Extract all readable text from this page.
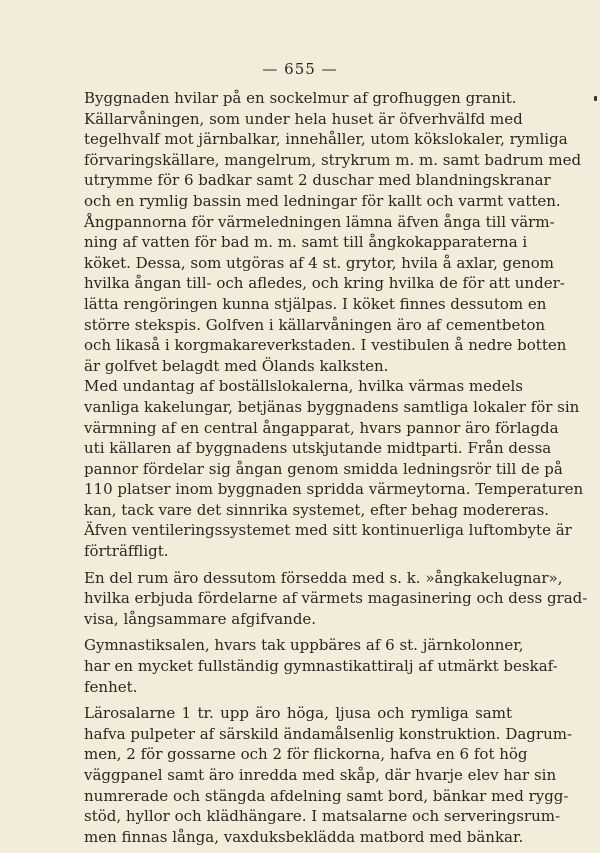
— 655 —
Byggnaden hvilar på en sockelmur af grofhuggen granit.
Källarvåningen, som under hela huset är öfverhvälfd med
tegelhvalf mot järnbalkar, innehåller, utom kökslokaler, rymliga
förvaringskällare, mangelrum, strykrum m. m. samt badrum med
utrymme för 6 badkar samt 2 duschar med blandningskranar
och en rymlig bassin med ledningar för kallt och varmt vatten.
Ångpannorna för värmeledningen lämna äfven ånga till värm-
ning af vatten för bad m. m. samt till ångkokapparaterna i
köket. Dessa, som utgöras af 4 st. grytor, hvila å axlar, genom
hvilka ångan till- och afledes, och kring hvilka de för att under-
lätta rengöringen kunna stjälpas. I köket finnes dessutom en
större stekspis. Golfven i källarvåningen äro af cementbeton
och likaså i korgmakareverkstaden. I vestibulen å nedre botten
är golfvet belagdt med Ölands kalksten.
Med undantag af boställslokalerna, hvilka värmas medels
vanliga kakelungar, betjänas byggnadens samtliga lokaler för sin
värmning af en central ångapparat, hvars pannor äro förlagda
uti källaren af byggnadens utskjutande midtparti. Från dessa
pannor fördelar sig ångan genom smidda ledningsrör till de på
110 platser inom byggnaden spridda värmeytorna. Temperaturen
kan, tack vare det sinnrika systemet, efter behag modereras.
Äfven ventileringssystemet med sitt kontinuerliga luftombyte är
förträffligt.
En del rum äro dessutom försedda med s. k. »ångkakelugnar»,
hvilka erbjuda fördelarne af värmets magasinering och dess grad-
visa, långsammare afgifvande.
Gymnastiksalen, hvars tak uppbäres af 6 st. järnkolonner,
har en mycket fullständig gymnastikattiralj af utmärkt beskaf-
fenhet.
Lärosalarne 1 tr. upp äro höga, ljusa och rymliga samt
hafva pulpeter af särskild ändamålsenlig konstruktion. Dagrum-
men, 2 för gossarne och 2 för flickorna, hafva en 6 fot hög
väggpanel samt äro inredda med skåp, där hvarje elev har sin
numrerade och stängda afdelning samt bord, bänkar med rygg-
stöd, hyllor och klädhängare. I matsalarne och serveringsrum-
men finnas långa, vaxduksbeklädda matbord med bänkar.
